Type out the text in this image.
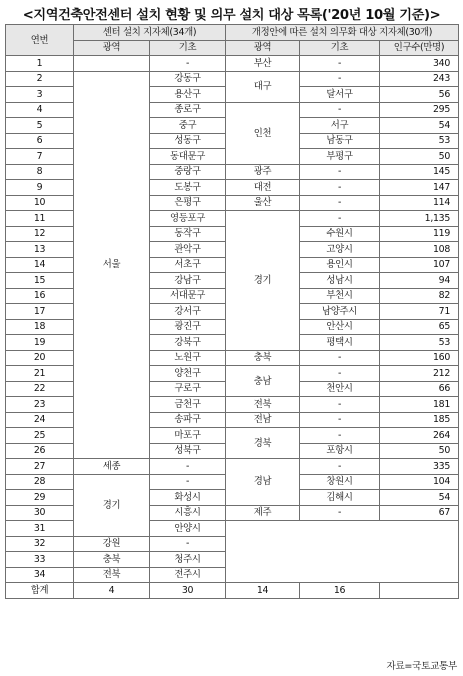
<지역건축안전센터 설치 현황 및 의무 설치 대상 목록('20년 10월 기준)>
연번	센터 설치 지자체(34개)		개정안에 따른 설치 의무화 대상 지자체(30개)		
	광역	기초	광역	기초	인구수(만명)
1		-	부산	-	340
2	서울	강동구	대구	-	243
3		용산구		달서구	56
4		종로구	인천	-	295
5		중구		서구	54
6		성동구		남동구	53
7		동대문구		부평구	50
8		중랑구	광주	-	145
9		도봉구	대전	-	147
10		은평구	울산	-	114
11		영등포구	경기	-	1,135
12		동작구		수원시	119
13		관악구		고양시	108
14		서초구		용인시	107
15		강남구		성남시	94
16		서대문구		부천시	82
17		강서구		남양주시	71
18		광진구		안산시	65
19		강북구		평택시	53
20		노원구	충북	-	160
21		양천구	충남	-	212
22		구로구		천안시	66
23		금천구	전북	-	181
24		송파구	전남	-	185
25		마포구	경북	-	264
26		성북구		포항시	50
27	세종	-	경남	-	335
28	경기	-		창원시	104
29		화성시		김해시	54
30		시흥시	제주	-	67
31		안양시			
32	강원	-			
33	충북	청주시			
34	전북	전주시			
합계	4	30	14	16	
자료=국토교통부
